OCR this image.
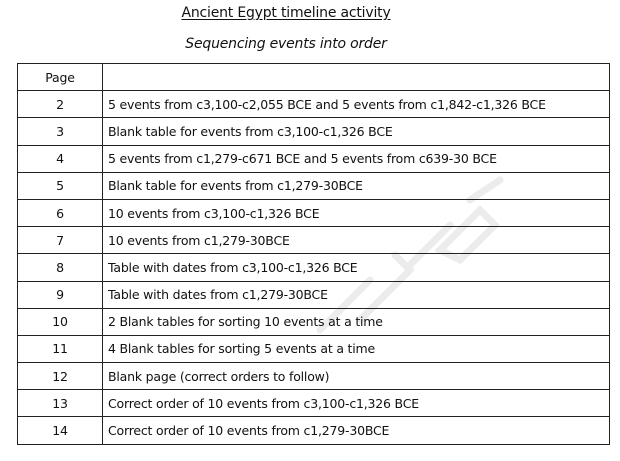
Ancient Egypt timeline activity
Sequencing events into order
Page	
2	5 events from c3,100-c2,055 BCE and 5 events from c1,842-c1,326 BCE
3	Blank table for events from c3,100-c1,326 BCE
4	5 events from c1,279-c671 BCE and 5 events from c639-30 BCE
5	Blank table for events from c1,279-30BCE
6	10 events from c3,100-c1,326 BCE
7	10 events from c1,279-30BCE
8	Table with dates from c3,100-c1,326 BCE
9	Table with dates from c1,279-30BCE
10	2 Blank tables for sorting 10 events at a time
11	4 Blank tables for sorting 5 events at a time
12	Blank page (correct orders to follow)
13	Correct order of 10 events from c3,100-c1,326 BCE
14	Correct order of 10 events from c1,279-30BCE
